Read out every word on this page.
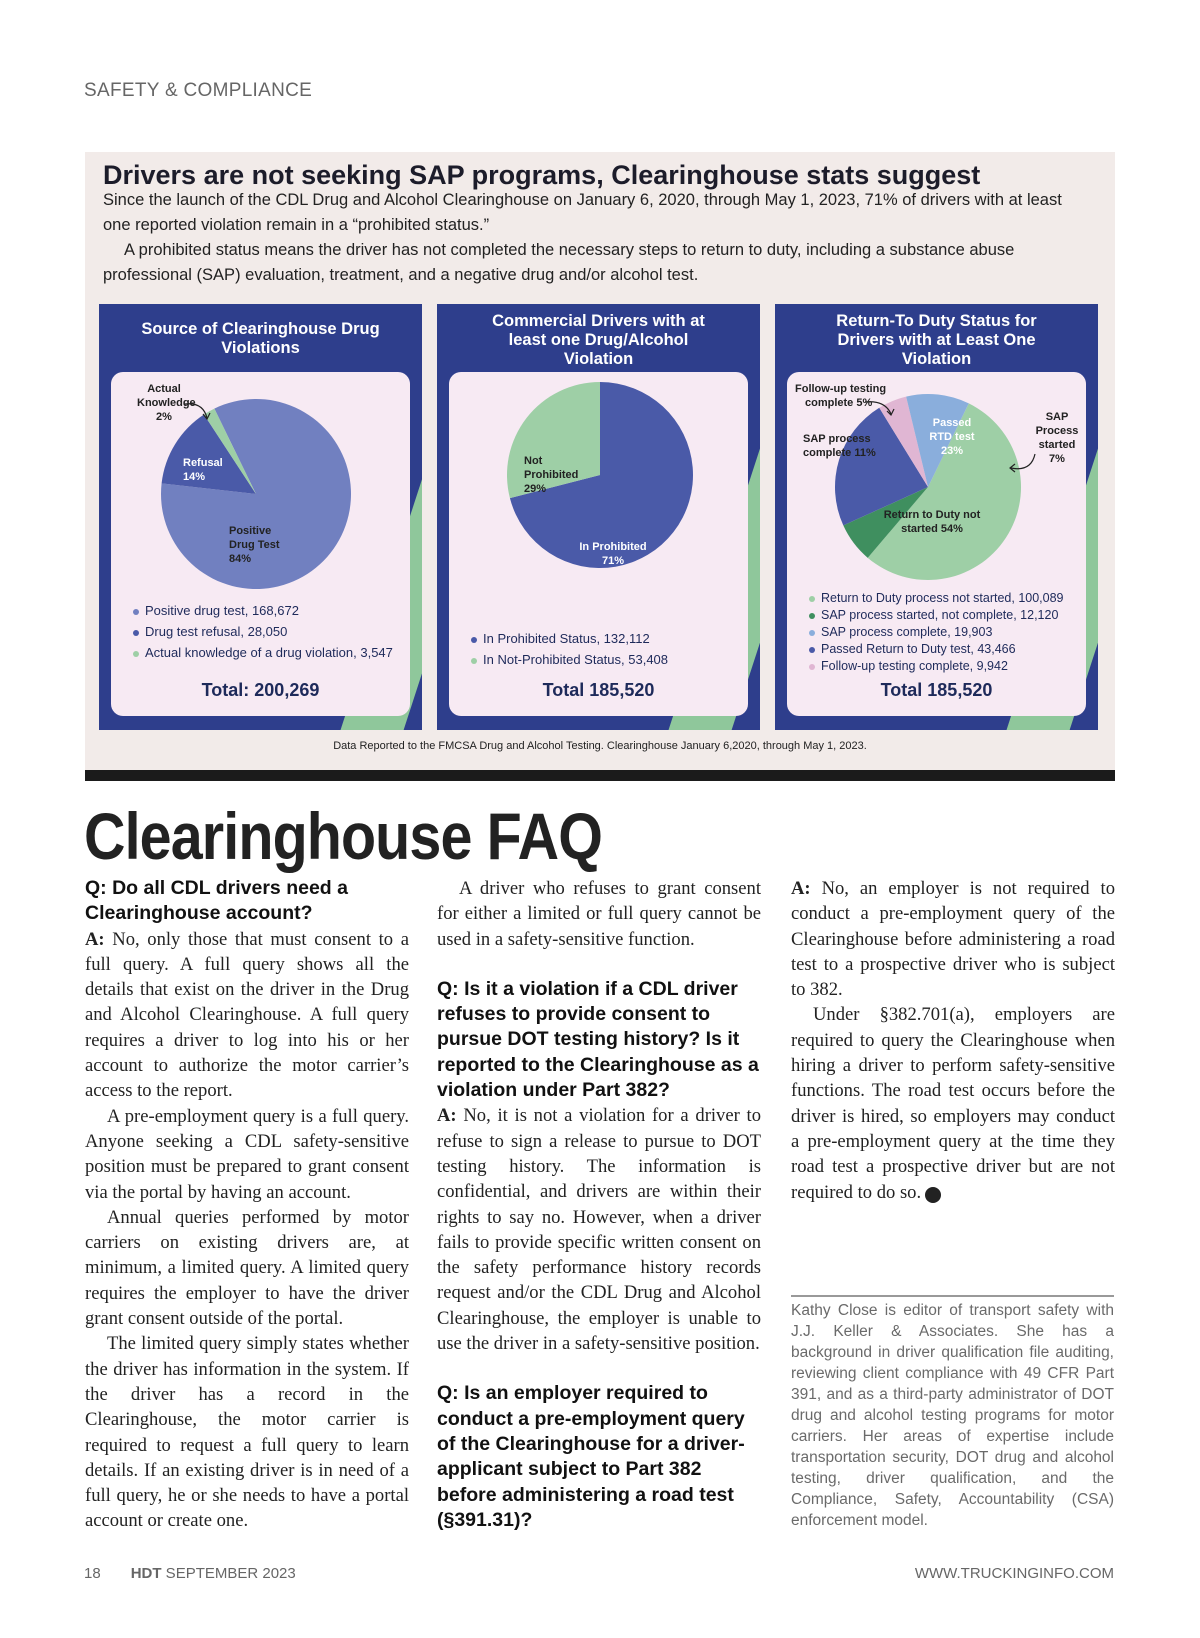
SAFETY & COMPLIANCE
Drivers are not seeking SAP programs, Clearinghouse stats suggest

Since the launch of the CDL Drug and Alcohol Clearinghouse on January 6, 2020, through May 1, 2023, 71% of drivers with at least one reported violation remain in a “prohibited status.”

A prohibited status means the driver has not completed the necessary steps to return to duty, including a substance abuse professional (SAP) evaluation, treatment, and a negative drug and/or alcohol test.

Source of Clearinghouse Drug Violations
Actual
Knowledge
2%
Refusal
14%
Positive
Drug Test
84%
Positive drug test, 168,672
Drug test refusal, 28,050
Actual knowledge of a drug violation, 3,547
Total: 200,269
Commercial Drivers with at least one Drug/Alcohol Violation
Not
Prohibited
29%
In Prohibited
71%
In Prohibited Status, 132,112
In Not-Prohibited Status, 53,408
Total 185,520
Return-To Duty Status for Drivers with at Least One Violation
Follow-up testing
complete 5%
SAP process
complete 11%
Passed
RTD test
23%
SAP
Process
started
7%
Return to Duty not
started 54%
Return to Duty process not started, 100,089
SAP process started, not complete, 12,120
SAP process complete, 19,903
Passed Return to Duty test, 43,466
Follow-up testing complete, 9,942
Total 185,520
Data Reported to the FMCSA Drug and Alcohol Testing. Clearinghouse January 6,2020, through May 1, 2023.
Clearinghouse FAQ

Q: Do all CDL drivers need a Clearinghouse account?

A: No, only those that must consent to a full query. A full query shows all the details that exist on the driver in the Drug and Alcohol Clearinghouse. A full query requires a driver to log into his or her account to authorize the motor carrier’s access to the report.

A pre-employment query is a full query. Anyone seeking a CDL safety-sensitive position must be prepared to grant consent via the portal by having an account.

Annual queries performed by motor carriers on existing drivers are, at minimum, a limited query. A limited query requires the employer to have the driver grant consent outside of the portal.

The limited query simply states whether the driver has information in the system. If the driver has a record in the Clearinghouse, the motor carrier is required to request a full query to learn details. If an existing driver is in need of a full query, he or she needs to have a portal account or create one.

A driver who refuses to grant consent for either a limited or full query cannot be used in a safety-sensitive function.

Q: Is it a violation if a CDL driver refuses to provide consent to pursue DOT testing history? Is it reported to the Clearinghouse as a violation under Part 382?

A: No, it is not a violation for a driver to refuse to sign a release to pursue to DOT testing history. The information is confidential, and drivers are within their rights to say no. However, when a driver fails to provide specific written consent on the safety performance history records request and/or the CDL Drug and Alcohol Clearinghouse, the employer is unable to use the driver in a safety-sensitive position.

Q: Is an employer required to conduct a pre-employment query of the Clearinghouse for a driver-applicant subject to Part 382 before administering a road test (§391.31)?

A: No, an employer is not required to conduct a pre-employment query of the Clearinghouse before administering a road test to a prospective driver who is subject to 382.

Under §382.701(a), employers are required to query the Clearinghouse when hiring a driver to perform safety-sensitive functions. The road test occurs before the driver is hired, so employers may conduct a pre-employment query at the time they road test a prospective driver but are not required to do so.	HDT

Kathy Close is editor of transport safety with J.J. Keller & Associates. She has a background in driver qualification file auditing, reviewing client compliance with 49 CFR Part 391, and as a third-party administrator of DOT drug and alcohol testing programs for motor carriers. Her areas of expertise include transportation security, DOT drug and alcohol testing, driver qualification, and the Compliance, Safety, Accountability (CSA) enforcement model.

18 HDT SEPTEMBER 2023	WWW.TRUCKINGINFO.COM
